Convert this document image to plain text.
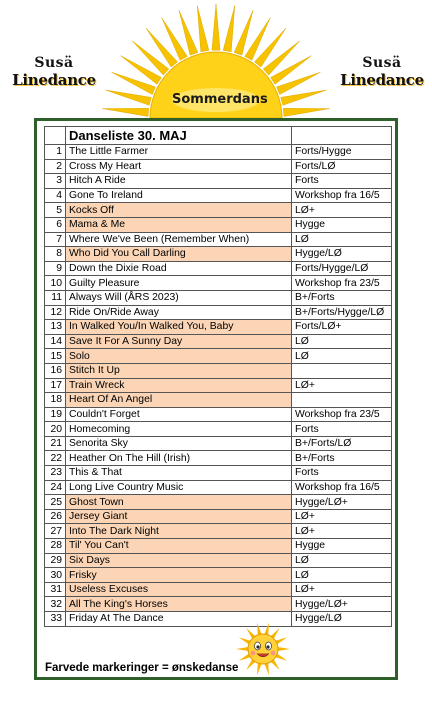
Sommerdans
Susä
Linedance
Susä
Linedance
	Danseliste 30. MAJ	
1	The Little Farmer	Forts/Hygge
2	Cross My Heart	Forts/LØ
3	Hitch A Ride	Forts
4	Gone To Ireland	Workshop fra 16/5
5	Kocks Off	LØ+
6	Mama & Me	Hygge
7	Where We've Been (Remember When)	LØ
8	Who Did You Call Darling	Hygge/LØ
9	Down the Dixie Road	Forts/Hygge/LØ
10	Guilty Pleasure	Workshop fra 23/5
11	Always Will (ÅRS 2023)	B+/Forts
12	Ride On/Ride Away	B+/Forts/Hygge/LØ
13	In Walked You/In Walked You, Baby	Forts/LØ+
14	Save It For A Sunny Day	LØ
15	Solo	LØ
16	Stitch It Up	
17	Train Wreck	LØ+
18	Heart Of An Angel	
19	Couldn't Forget	Workshop fra 23/5
20	Homecoming	Forts
21	Senorita Sky	B+/Forts/LØ
22	Heather On The Hill (Irish)	B+/Forts
23	This & That	Forts
24	Long Live Country Music	Workshop fra 16/5
25	Ghost Town	Hygge/LØ+
26	Jersey Giant	LØ+
27	Into The Dark Night	LØ+
28	Til' You Can't	Hygge
29	Six Days	LØ
30	Frisky	LØ
31	Useless Excuses	LØ+
32	All The King's Horses	Hygge/LØ+
33	Friday At The Dance	Hygge/LØ
Farvede markeringer = ønskedanse
